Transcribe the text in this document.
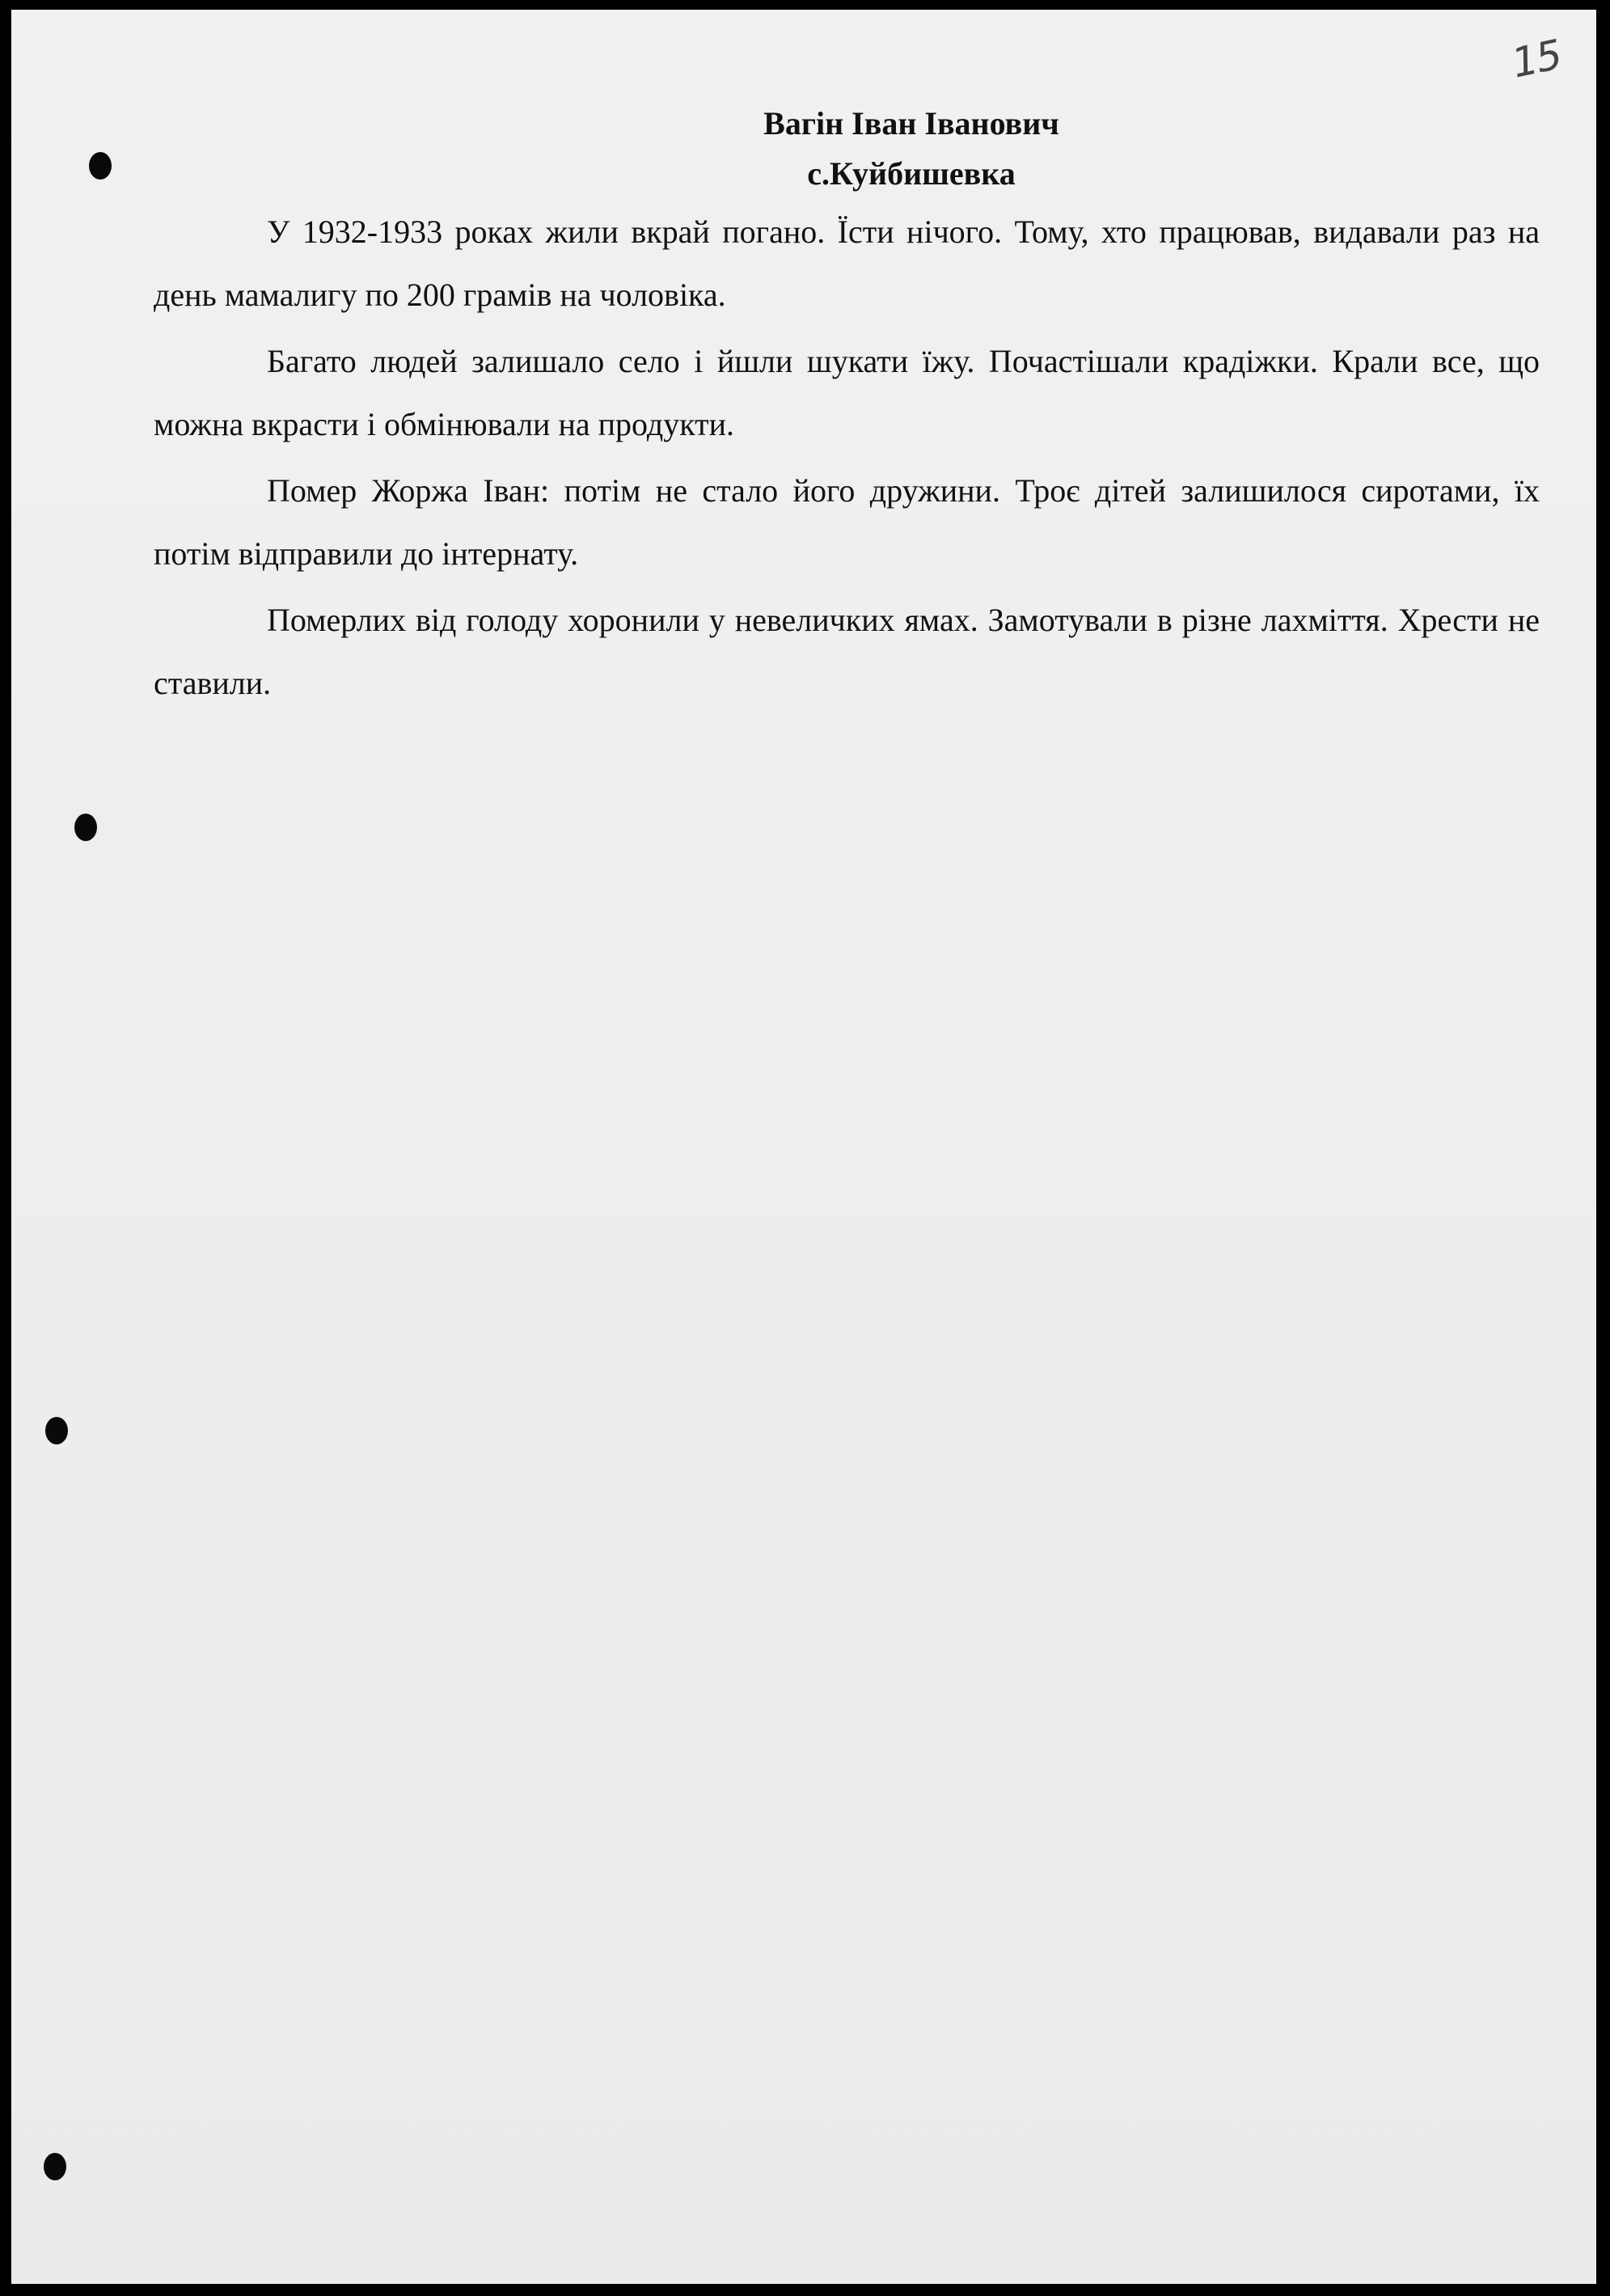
15

Вагін Іван Іванович

с.Куйбишевка

У 1932-1933 роках жили вкрай погано. Їсти нічого. Тому, хто працював, видавали раз на день мамалигу по 200 грамів на чоловіка.

Багато людей залишало село і йшли шукати їжу. Почастішали крадіжки. Крали все, що можна вкрасти і обмінювали на продукти.

Помер Жоржа Іван: потім не стало його дружини. Троє дітей залишилося сиротами, їх потім відправили до інтернату.

Померлих від голоду хоронили у невеличких ямах. Замотували в різне лахміття. Хрести не ставили.
